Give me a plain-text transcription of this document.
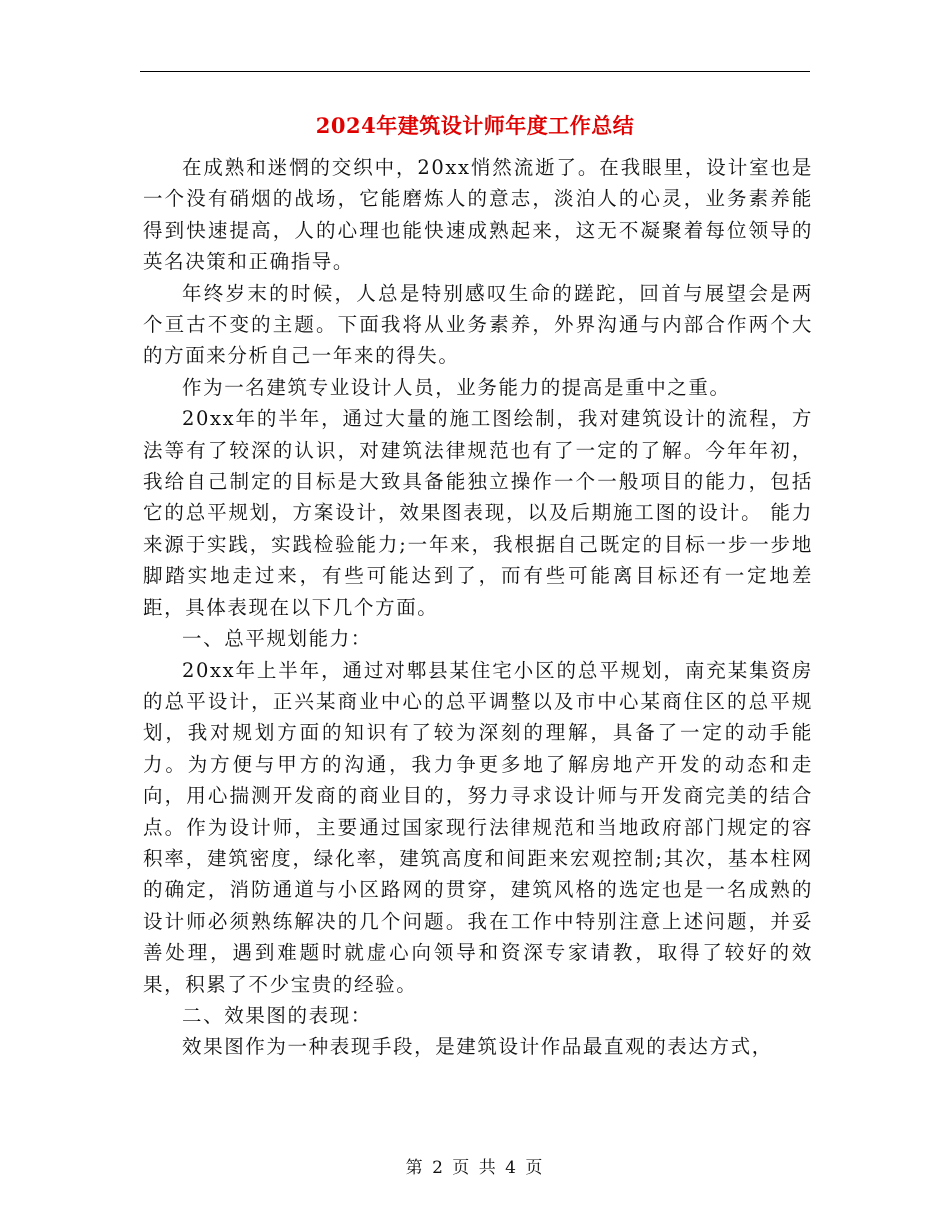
2024年建筑设计师年度工作总结

在成熟和迷惘的交织中，20xx悄然流逝了。在我眼里，设计室也是一个没有硝烟的战场，它能磨炼人的意志，淡泊人的心灵，业务素养能得到快速提高，人的心理也能快速成熟起来，这无不凝聚着每位领导的英名决策和正确指导。

年终岁末的时候，人总是特别感叹生命的蹉跎，回首与展望会是两个亘古不变的主题。下面我将从业务素养，外界沟通与内部合作两个大的方面来分析自己一年来的得失。

作为一名建筑专业设计人员，业务能力的提高是重中之重。

20xx年的半年，通过大量的施工图绘制，我对建筑设计的流程，方法等有了较深的认识，对建筑法律规范也有了一定的了解。今年年初，我给自己制定的目标是大致具备能独立操作一个一般项目的能力，包括它的总平规划，方案设计，效果图表现，以及后期施工图的设计。 能力来源于实践，实践检验能力;一年来，我根据自己既定的目标一步一步地脚踏实地走过来，有些可能达到了，而有些可能离目标还有一定地差距，具体表现在以下几个方面。

一、总平规划能力：

20xx年上半年，通过对郫县某住宅小区的总平规划，南充某集资房的总平设计，正兴某商业中心的总平调整以及市中心某商住区的总平规划，我对规划方面的知识有了较为深刻的理解，具备了一定的动手能力。为方便与甲方的沟通，我力争更多地了解房地产开发的动态和走向，用心揣测开发商的商业目的，努力寻求设计师与开发商完美的结合点。作为设计师，主要通过国家现行法律规范和当地政府部门规定的容积率，建筑密度，绿化率，建筑高度和间距来宏观控制;其次，基本柱网的确定，消防通道与小区路网的贯穿，建筑风格的选定也是一名成熟的设计师必须熟练解决的几个问题。我在工作中特别注意上述问题，并妥善处理，遇到难题时就虚心向领导和资深专家请教，取得了较好的效果，积累了不少宝贵的经验。

二、效果图的表现：

效果图作为一种表现手段，是建筑设计作品最直观的表达方式，

第 2 页 共 4 页
